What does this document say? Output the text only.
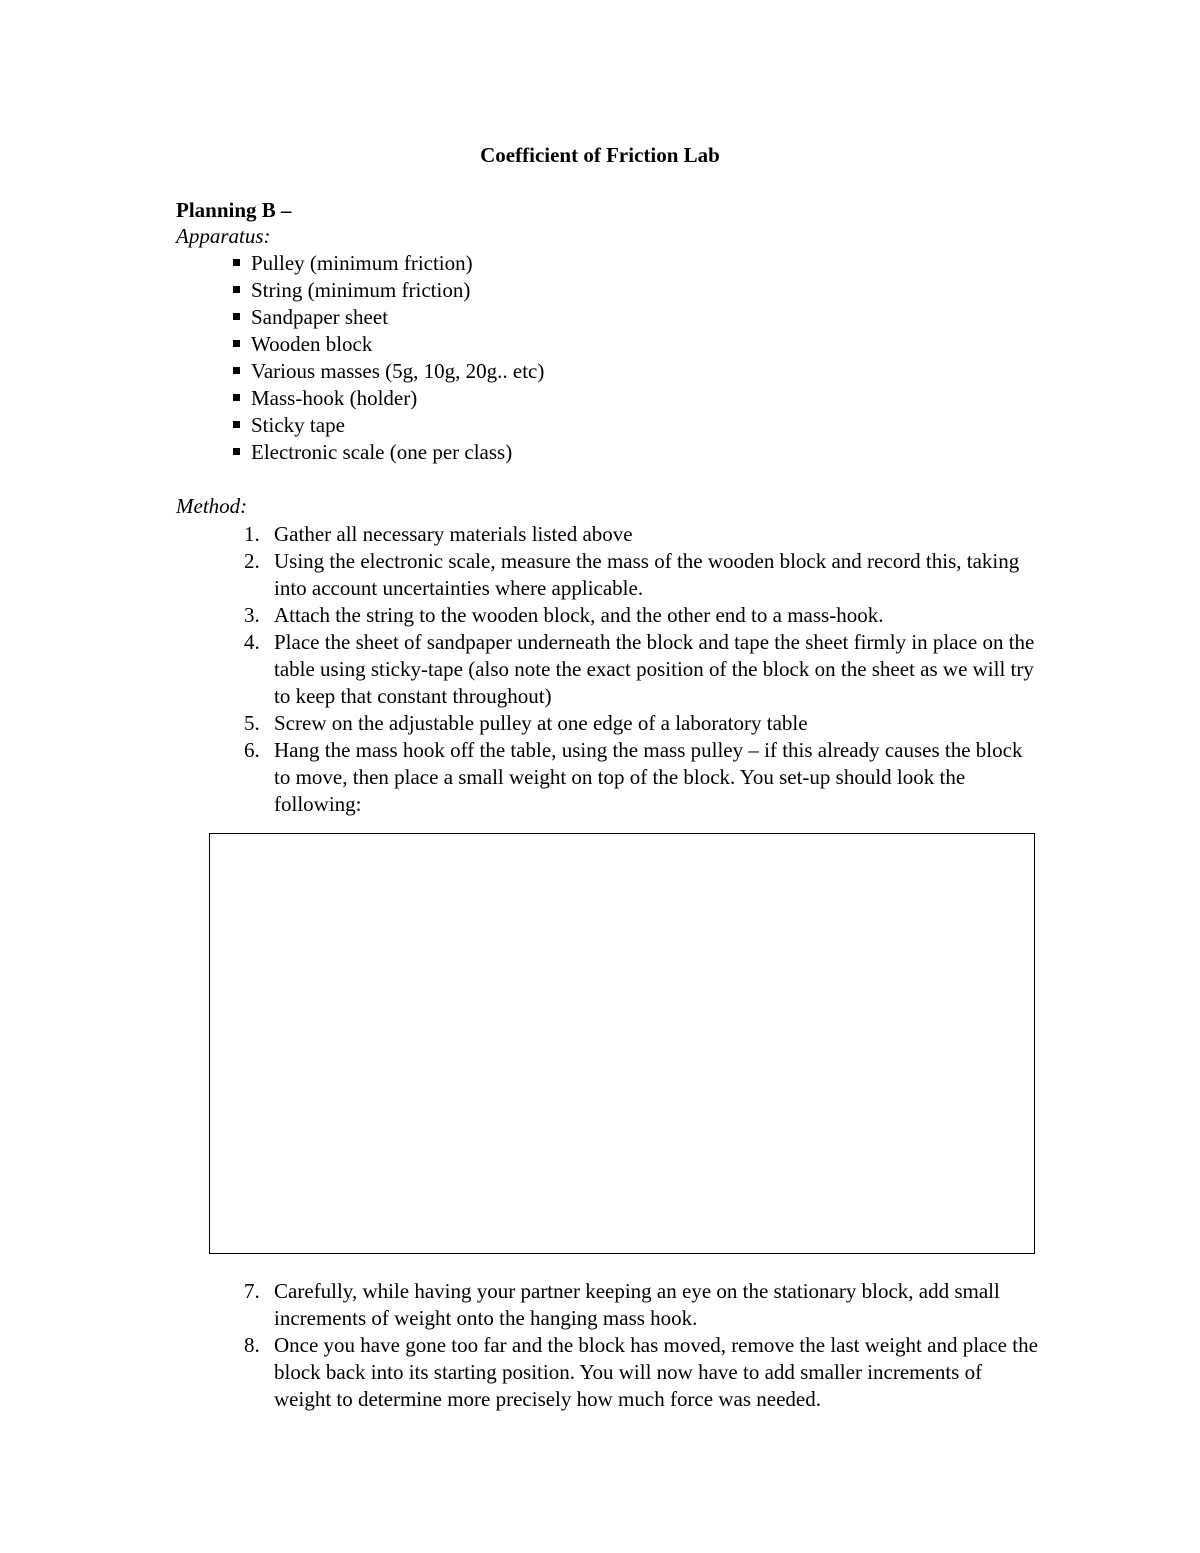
Coefficient of Friction Lab
Planning B –
Apparatus:
Pulley (minimum friction)
String (minimum friction)
Sandpaper sheet
Wooden block
Various masses (5g, 10g, 20g.. etc)
Mass-hook (holder)
Sticky tape
Electronic scale (one per class)
Method:
1. Gather all necessary materials listed above
2. Using the electronic scale, measure the mass of the wooden block and record this, taking into account uncertainties where applicable.
3. Attach the string to the wooden block, and the other end to a mass-hook.
4. Place the sheet of sandpaper underneath the block and tape the sheet firmly in place on the table using sticky-tape (also note the exact position of the block on the sheet as we will try to keep that constant throughout)
5. Screw on the adjustable pulley at one edge of a laboratory table
6. Hang the mass hook off the table, using the mass pulley – if this already causes the block to move, then place a small weight on top of the block. You set-up should look the following:
7. Carefully, while having your partner keeping an eye on the stationary block, add small increments of weight onto the hanging mass hook.
8. Once you have gone too far and the block has moved, remove the last weight and place the block back into its starting position. You will now have to add smaller increments of weight to determine more precisely how much force was needed.
